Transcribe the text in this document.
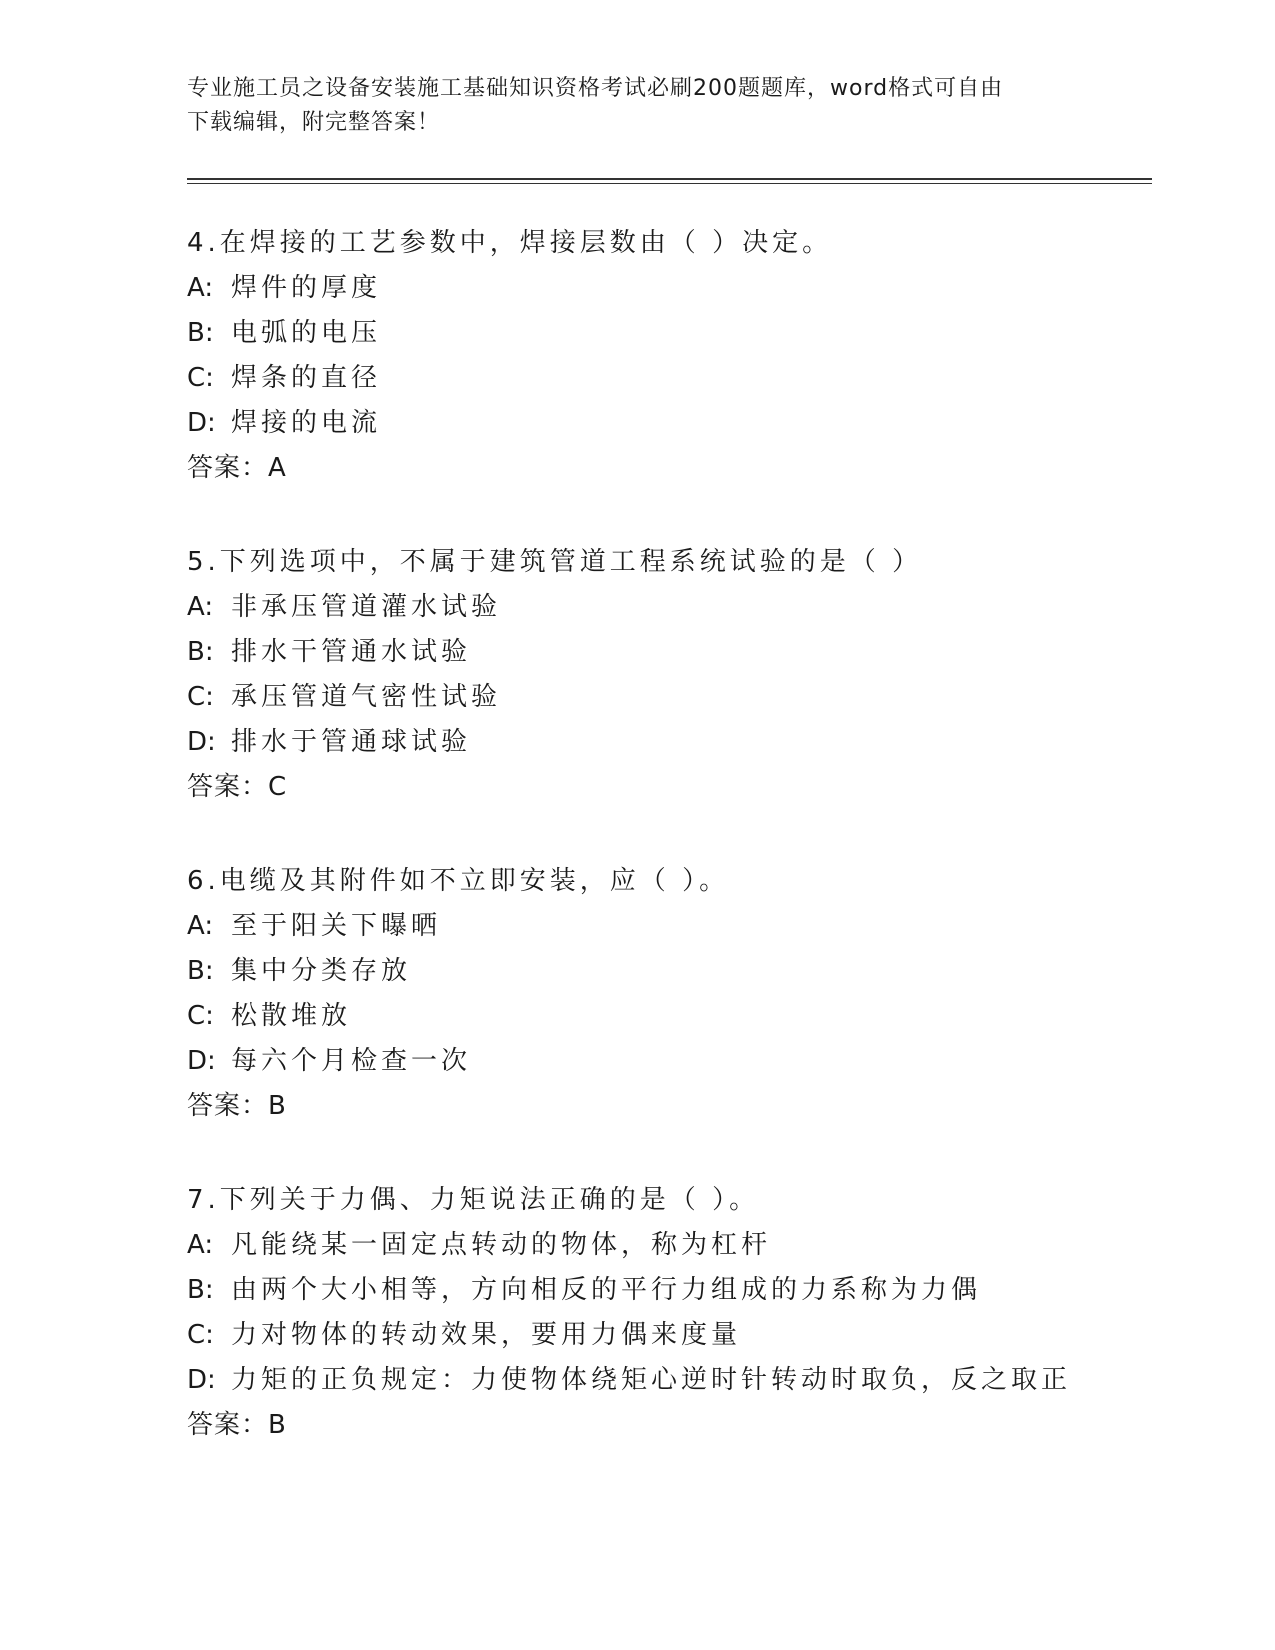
专业施工员之设备安装施工基础知识资格考试必刷200题题库，word格式可自由
下载编辑，附完整答案！
4.在焊接的工艺参数中，焊接层数由（ ）决定。
A: 焊件的厚度
B: 电弧的电压
C: 焊条的直径
D: 焊接的电流
答案：A
5.下列选项中，不属于建筑管道工程系统试验的是（ ）
A: 非承压管道灌水试验
B: 排水干管通水试验
C: 承压管道气密性试验
D: 排水于管通球试验
答案：C
6.电缆及其附件如不立即安装，应（ ）。
A: 至于阳关下曝晒
B: 集中分类存放
C: 松散堆放
D: 每六个月检查一次
答案：B
7.下列关于力偶、力矩说法正确的是（ ）。
A: 凡能绕某一固定点转动的物体，称为杠杆
B: 由两个大小相等，方向相反的平行力组成的力系称为力偶
C: 力对物体的转动效果，要用力偶来度量
D: 力矩的正负规定：力使物体绕矩心逆时针转动时取负，反之取正
答案：B
